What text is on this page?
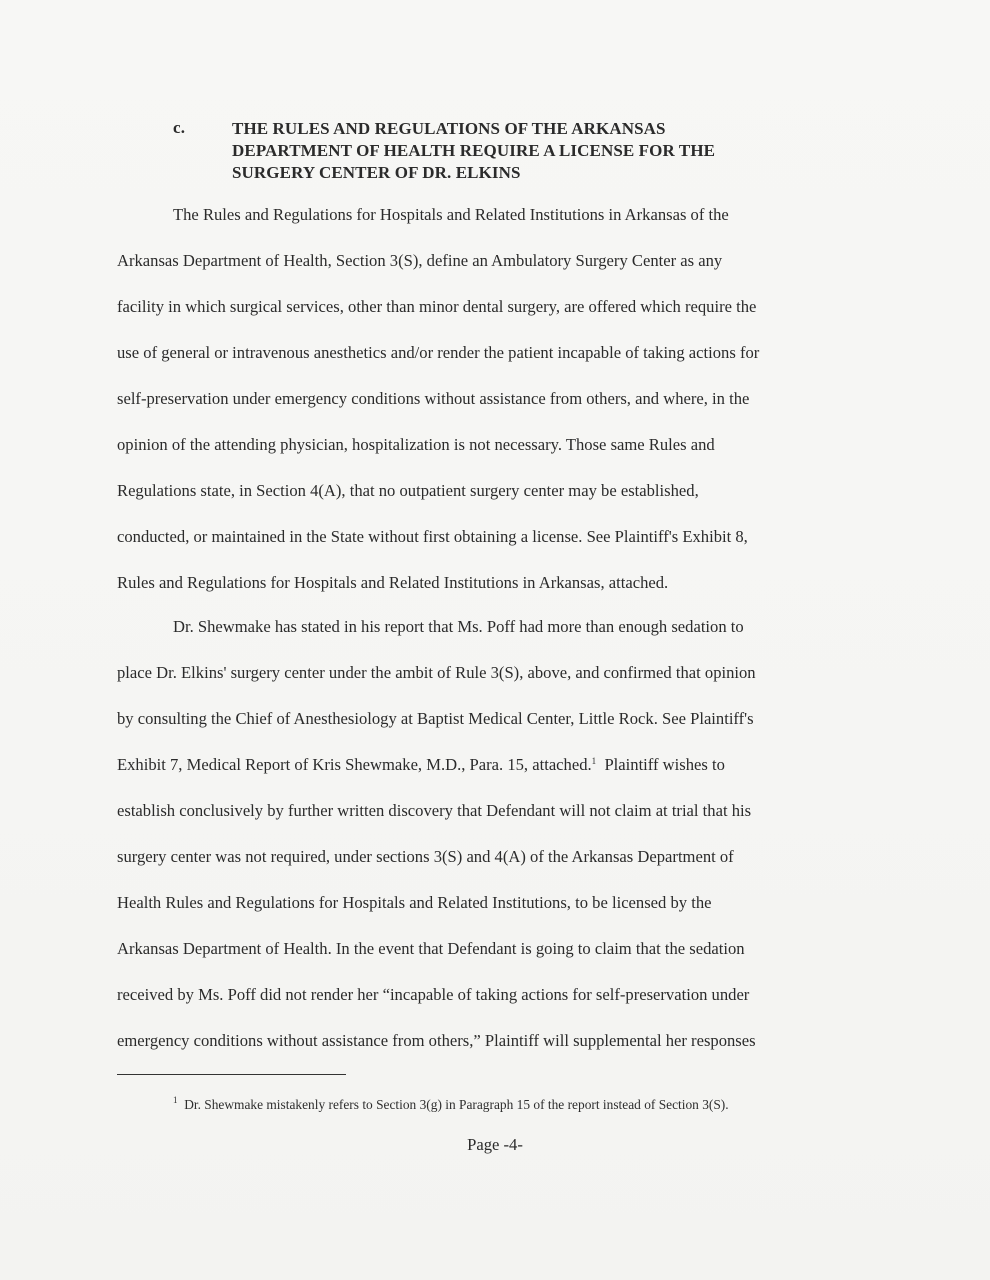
c.	THE RULES AND REGULATIONS OF THE ARKANSAS
DEPARTMENT OF HEALTH REQUIRE A LICENSE FOR THE
SURGERY CENTER OF DR. ELKINS
The Rules and Regulations for Hospitals and Related Institutions in Arkansas of the
Arkansas Department of Health, Section 3(S), define an Ambulatory Surgery Center as any
facility in which surgical services, other than minor dental surgery, are offered which require the
use of general or intravenous anesthetics and/or render the patient incapable of taking actions for
self-preservation under emergency conditions without assistance from others, and where, in the
opinion of the attending physician, hospitalization is not necessary. Those same Rules and
Regulations state, in Section 4(A), that no outpatient surgery center may be established,
conducted, or maintained in the State without first obtaining a license. See Plaintiff's Exhibit 8,
Rules and Regulations for Hospitals and Related Institutions in Arkansas, attached.
Dr. Shewmake has stated in his report that Ms. Poff had more than enough sedation to
place Dr. Elkins' surgery center under the ambit of Rule 3(S), above, and confirmed that opinion
by consulting the Chief of Anesthesiology at Baptist Medical Center, Little Rock. See Plaintiff's
Exhibit 7, Medical Report of Kris Shewmake, M.D., Para. 15, attached.$^1$  Plaintiff wishes to
establish conclusively by further written discovery that Defendant will not claim at trial that his
surgery center was not required, under sections 3(S) and 4(A) of the Arkansas Department of
Health Rules and Regulations for Hospitals and Related Institutions, to be licensed by the
Arkansas Department of Health. In the event that Defendant is going to claim that the sedation
received by Ms. Poff did not render her “incapable of taking actions for self-preservation under
emergency conditions without assistance from others,” Plaintiff will supplemental her responses
$^1$ Dr. Shewmake mistakenly refers to Section 3(g) in Paragraph 15 of the report instead of Section 3(S).
Page -4-
